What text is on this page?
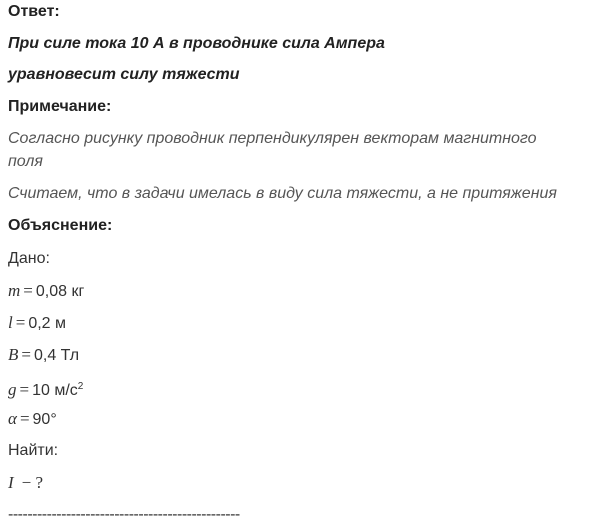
Ответ:
При силе тока 10 А в проводнике сила Ампера
уравновесит силу тяжести
Примечание:
Согласно рисунку проводник перпендикулярен векторам магнитного
поля
Считаем, что в задачи имелась в виду сила тяжести, а не притяжения
Объяснение:
Дано:
m = 0,08 кг
l = 0,2 м
B = 0,4 Тл
g = 10 $м/с^2$
α = 90°
Найти:
I − ?
------------------------------------------------
